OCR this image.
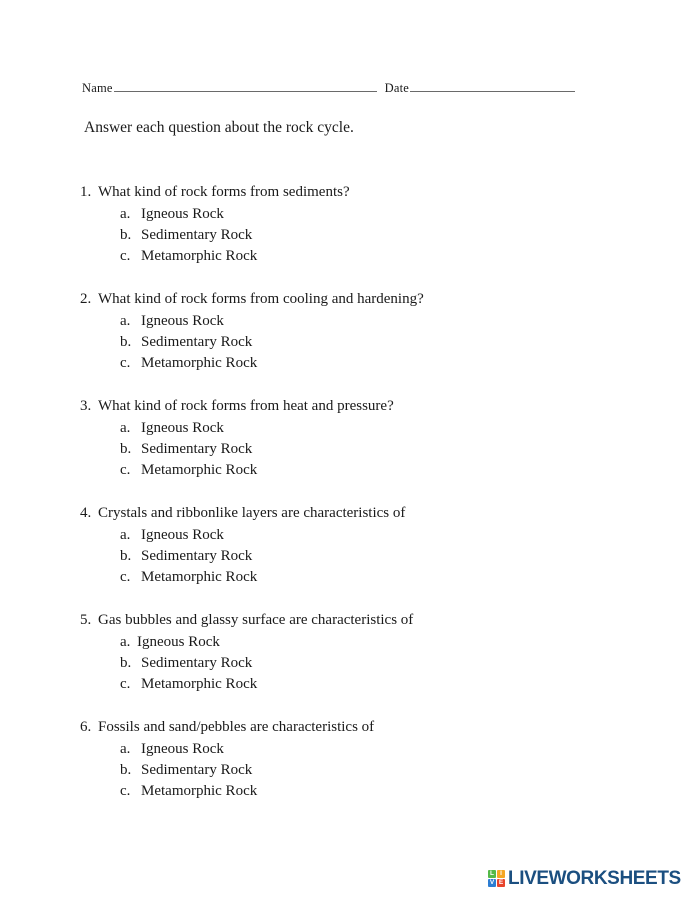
Name	Date
Answer each question about the rock cycle.
1. What kind of rock forms from sediments?
a. Igneous Rock
b. Sedimentary Rock
c. Metamorphic Rock
2. What kind of rock forms from cooling and hardening?
a. Igneous Rock
b. Sedimentary Rock
c. Metamorphic Rock
3. What kind of rock forms from heat and pressure?
a. Igneous Rock
b. Sedimentary Rock
c. Metamorphic Rock
4. Crystals and ribbonlike layers are characteristics of
a. Igneous Rock
b. Sedimentary Rock
c. Metamorphic Rock
5. Gas bubbles and glassy surface are characteristics of
a. Igneous Rock
b. Sedimentary Rock
c. Metamorphic Rock
6. Fossils and sand/pebbles are characteristics of
a. Igneous Rock
b. Sedimentary Rock
c. Metamorphic Rock
L I
V E LIVEWORKSHEETS
